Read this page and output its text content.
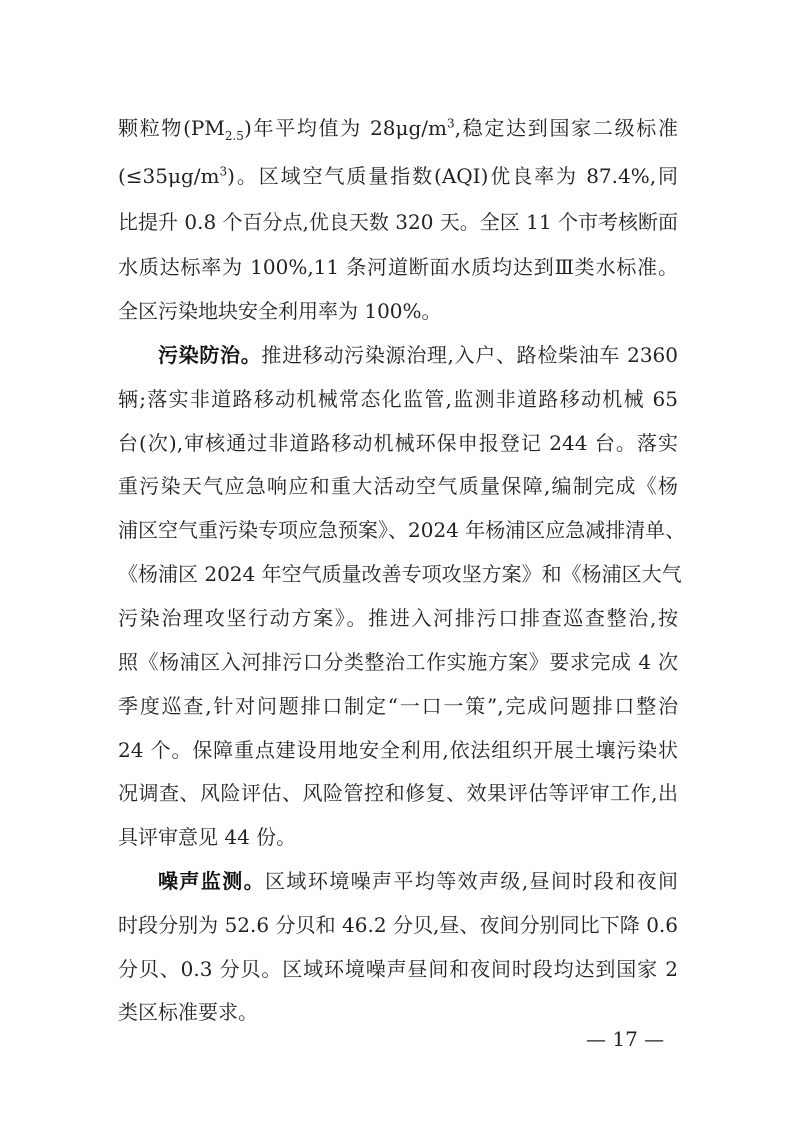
颗粒物$(PM_{2.5})$年平均值为 $28\mu g/m^3$,稳定达到国家二级标准
$(\le 35\mu g/m^3)$。区域空气质量指数(AQI)优良率为 87.4%,同
比提升 0.8 个百分点,优良天数 320 天。全区 11 个市考核断面
水质达标率为 100%,11 条河道断面水质均达到Ⅲ类水标准。
全区污染地块安全利用率为 100%。
污染防治。推进移动污染源治理,入户、路检柴油车 2360
辆;落实非道路移动机械常态化监管,监测非道路移动机械 65
台(次),审核通过非道路移动机械环保申报登记 244 台。落实
重污染天气应急响应和重大活动空气质量保障,编制完成《杨
浦区空气重污染专项应急预案》、2024 年杨浦区应急减排清单、
《杨浦区 2024 年空气质量改善专项攻坚方案》和《杨浦区大气
污染治理攻坚行动方案》。推进入河排污口排查巡查整治,按
照《杨浦区入河排污口分类整治工作实施方案》要求完成 4 次
季度巡查,针对问题排口制定“一口一策”,完成问题排口整治
24 个。保障重点建设用地安全利用,依法组织开展土壤污染状
况调查、风险评估、风险管控和修复、效果评估等评审工作,出
具评审意见 44 份。
噪声监测。区域环境噪声平均等效声级,昼间时段和夜间
时段分别为 52.6 分贝和 46.2 分贝,昼、夜间分别同比下降 0.6
分贝、0.3 分贝。区域环境噪声昼间和夜间时段均达到国家 2
类区标准要求。
— 17 —
